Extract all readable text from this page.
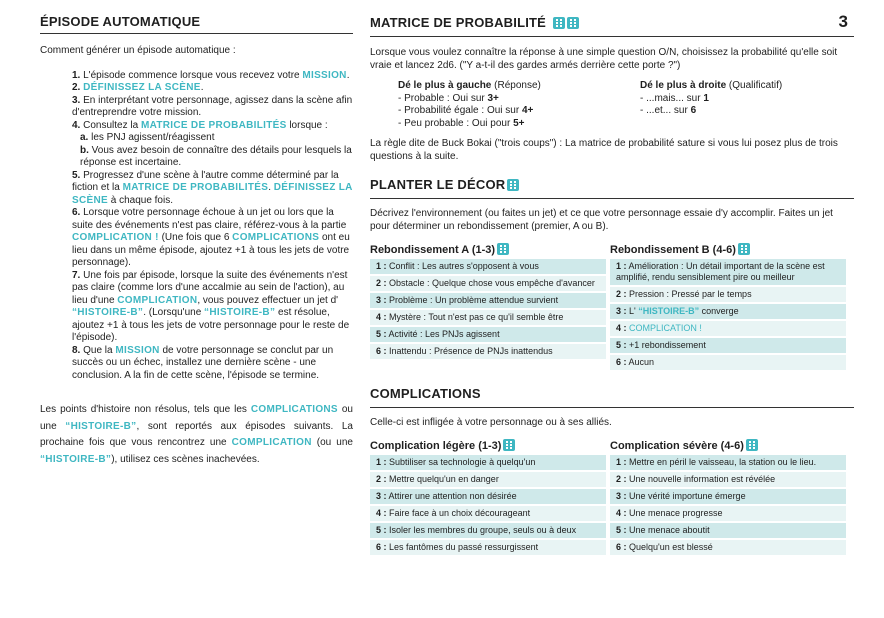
ÉPISODE AUTOMATIQUE
Comment générer un épisode automatique :
1. L'épisode commence lorsque vous recevez votre MISSION.
2. DÉFINISSEZ LA SCÈNE.
3. En interprétant votre personnage, agissez dans la scène afin d'entreprendre votre mission.
4. Consultez la MATRICE DE PROBABILITÉS lorsque :
a. les PNJ agissent/réagissent
b. Vous avez besoin de connaître des détails pour lesquels la réponse est incertaine.
5. Progressez d'une scène à l'autre comme déterminé par la fiction et la MATRICE DE PROBABILITÉS. DÉFINISSEZ LA SCÈNE à chaque fois.
6. Lorsque votre personnage échoue à un jet ou lors que la suite des événements n'est pas claire, référez-vous à la partie COMPLICATION ! (Une fois que 6 COMPLICATIONS ont eu lieu dans un même épisode, ajoutez +1 à tous les jets de votre personnage).
7. Une fois par épisode, lorsque la suite des événements n'est pas claire (comme lors d'une accalmie au sein de l'action), au lieu d'une COMPLICATION, vous pouvez effectuer un jet d' “HISTOIRE-B”. (Lorsqu'une “HISTOIRE-B” est résolue, ajoutez +1 à tous les jets de votre personnage pour le reste de l'épisode).
8. Que la MISSION de votre personnage se conclut par un succès ou un échec, installez une dernière scène - une conclusion. A la fin de cette scène, l'épisode se termine.
Les points d'histoire non résolus, tels que les COMPLICATIONS ou une “HISTOIRE-B”, sont reportés aux épisodes suivants. La prochaine fois que vous rencontrez une COMPLICATION (ou une “HISTOIRE-B”), utilisez ces scènes inachevées.
MATRICE DE PROBABILITÉ	3
Lorsque vous voulez connaître la réponse à une simple question O/N, choisissez la probabilité qu'elle soit vraie et lancez 2d6. ("Y a-t-il des gardes armés derrière cette porte ?")
Dé le plus à gauche (Réponse)
- Probable : Oui sur 3+
- Probabilité égale : Oui sur 4+
- Peu probable : Oui pour 5+
Dé le plus à droite (Qualificatif)
- ...mais... sur 1
- ...et... sur 6
La règle dite de Buck Bokai ("trois coups") : La matrice de probabilité sature si vous lui posez plus de trois questions à la suite.
PLANTER LE DÉCOR
Décrivez l'environnement (ou faites un jet) et ce que votre personnage essaie d'y accomplir. Faites un jet pour déterminer un rebondissement (premier, A ou B).
Rebondissement A (1-3)
1 : Conflit : Les autres s'opposent à vous
2 : Obstacle : Quelque chose vous empêche d'avancer
3 : Problème : Un problème attendue survient
4 : Mystère : Tout n'est pas ce qu'il semble être
5 : Activité : Les PNJs agissent
6 : Inattendu : Présence de PNJs inattendus
Rebondissement B (4-6)
1 : Amélioration : Un détail important de la scène est amplifié, rendu sensiblement pire ou meilleur
2 : Pression : Pressé par le temps
3 : L' “HISTOIRE-B” converge
4 : COMPLICATION !
5 : +1 rebondissement
6 : Aucun
COMPLICATIONS
Celle-ci est infligée à votre personnage ou à ses alliés.
Complication légère (1-3)
1 : Subtiliser sa technologie à quelqu'un
2 : Mettre quelqu'un en danger
3 : Attirer une attention non désirée
4 : Faire face à un choix décourageant
5 : Isoler les membres du groupe, seuls ou à deux
6 : Les fantômes du passé ressurgissent
Complication sévère (4-6)
1 : Mettre en péril le vaisseau, la station ou le lieu.
2 : Une nouvelle information est révélée
3 : Une vérité importune émerge
4 : Une menace progresse
5 : Une menace aboutit
6 : Quelqu'un est blessé
